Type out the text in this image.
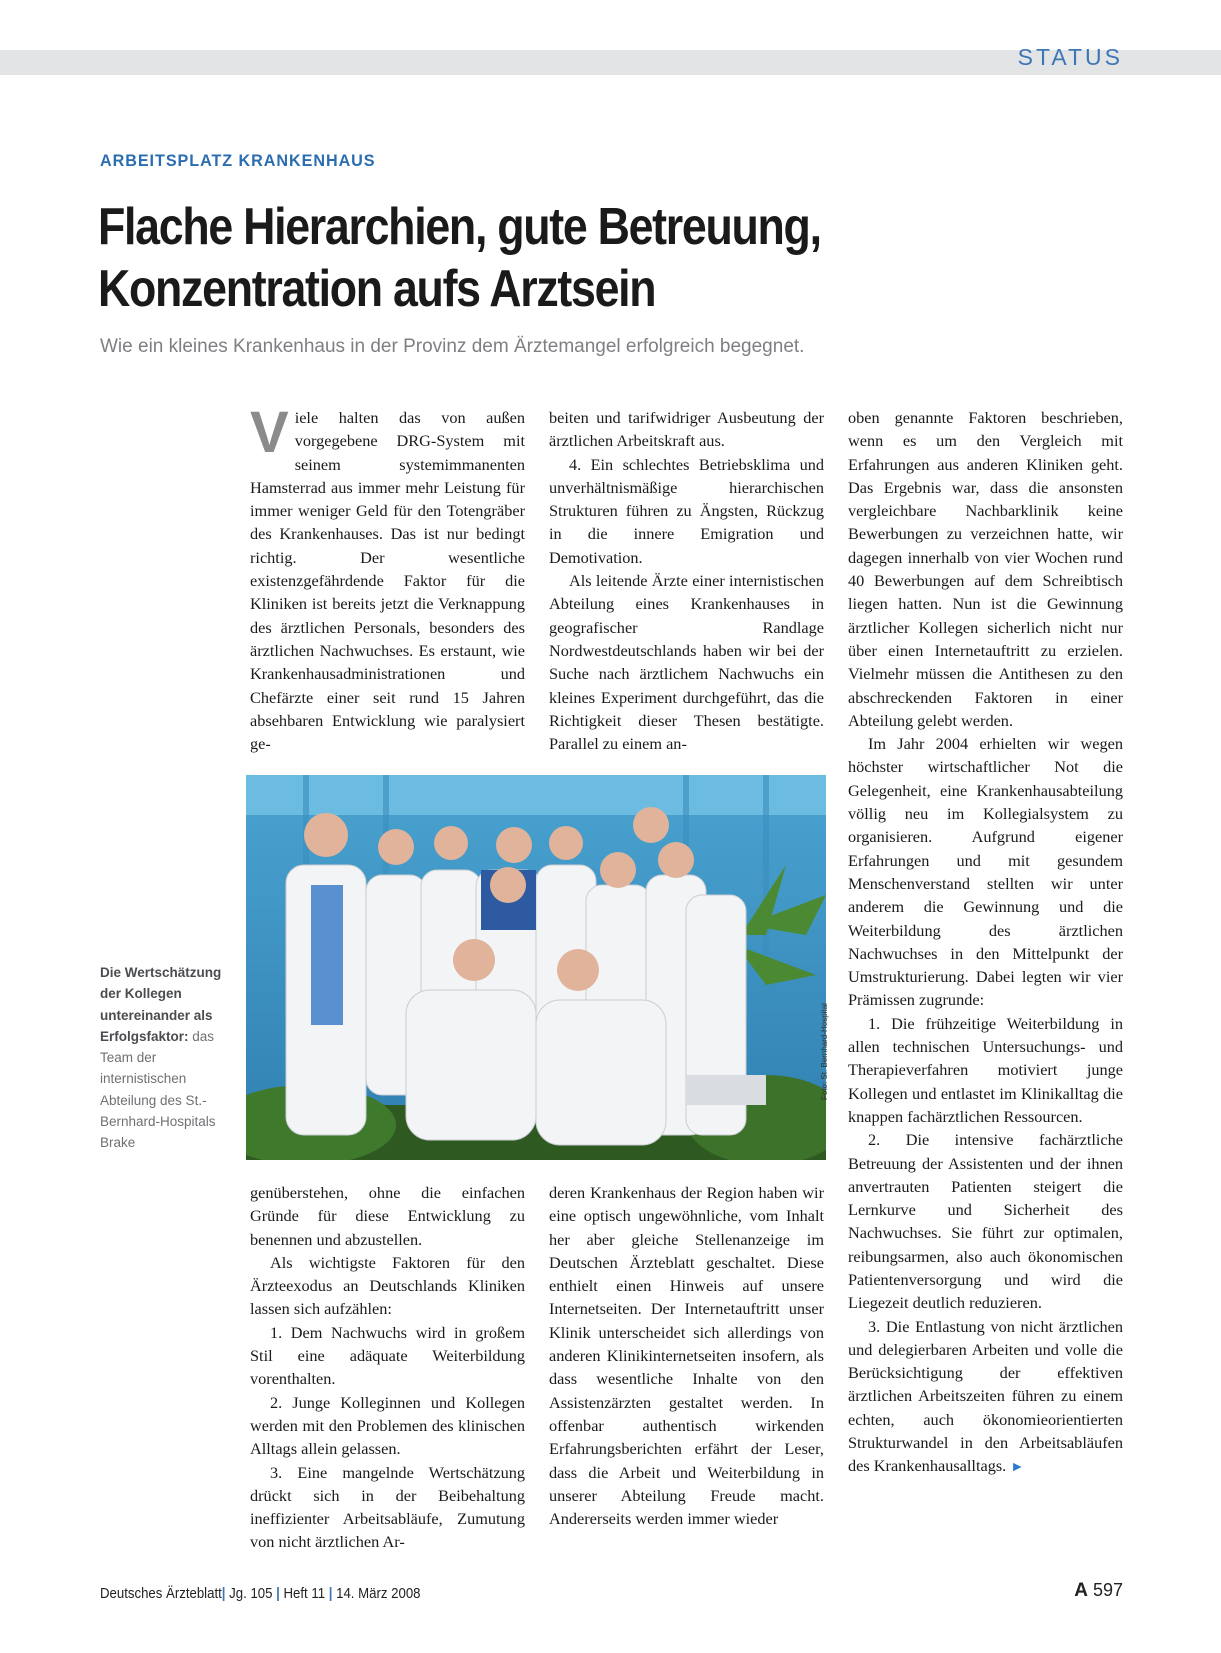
STATUS
ARBEITSPLATZ KRANKENHAUS
Flache Hierarchien, gute Betreuung,
Konzentration aufs Arztsein
Wie ein kleines Krankenhaus in der Provinz dem Ärztemangel erfolgreich begegnet.

Viele halten das von außen vorgegebene DRG-System mit seinem systemimmanenten Hamsterrad aus immer mehr Leistung für immer weniger Geld für den Totengräber des Krankenhauses. Das ist nur bedingt richtig. Der wesentliche existenzgefährdende Faktor für die Kliniken ist bereits jetzt die Verknappung des ärztlichen Personals, besonders des ärztlichen Nachwuchses. Es erstaunt, wie Krankenhausadministrationen und Chefärzte einer seit rund 15 Jahren absehbaren Entwicklung wie paralysiert ge-

beiten und tarifwidriger Ausbeutung der ärztlichen Arbeitskraft aus.

4. Ein schlechtes Betriebsklima und unverhältnismäßige hierarchischen Strukturen führen zu Ängsten, Rückzug in die innere Emigration und Demotivation.

Als leitende Ärzte einer internistischen Abteilung eines Krankenhauses in geografischer Randlage Nordwestdeutschlands haben wir bei der Suche nach ärztlichem Nachwuchs ein kleines Experiment durchgeführt, das die Richtigkeit dieser Thesen bestätigte. Parallel zu einem an-

oben genannte Faktoren beschrieben, wenn es um den Vergleich mit Erfahrungen aus anderen Kliniken geht. Das Ergebnis war, dass die ansonsten vergleichbare Nachbarklinik keine Bewerbungen zu verzeichnen hatte, wir dagegen innerhalb von vier Wochen rund 40 Bewerbungen auf dem Schreibtisch liegen hatten. Nun ist die Gewinnung ärztlicher Kollegen sicherlich nicht nur über einen Internetauftritt zu erzielen. Vielmehr müssen die Antithesen zu den abschreckenden Faktoren in einer Abteilung gelebt werden.

Im Jahr 2004 erhielten wir wegen höchster wirtschaftlicher Not die Gelegenheit, eine Krankenhausabteilung völlig neu im Kollegialsystem zu organisieren. Aufgrund eigener Erfahrungen und mit gesundem Menschenverstand stellten wir unter anderem die Gewinnung und die Weiterbildung des ärztlichen Nachwuchses in den Mittelpunkt der Umstrukturierung. Dabei legten wir vier Prämissen zugrunde:

1. Die frühzeitige Weiterbildung in allen technischen Untersuchungs- und Therapieverfahren motiviert junge Kollegen und entlastet im Klinikalltag die knappen fachärztlichen Ressourcen.

2. Die intensive fachärztliche Betreuung der Assistenten und der ihnen anvertrauten Patienten steigert die Lernkurve und Sicherheit des Nachwuchses. Sie führt zur optimalen, reibungsarmen, also auch ökonomischen Patientenversorgung und wird die Liegezeit deutlich reduzieren.

3. Die Entlastung von nicht ärztlichen und delegierbaren Arbeiten und volle die Berücksichtigung der effektiven ärztlichen Arbeitszeiten führen zu einem echten, auch ökonomieorientierten Strukturwandel in den Arbeitsabläufen des Krankenhausalltags. ►

Foto: St. Bernhard-Hospital
Die Wertschätzung der Kollegen untereinander als Erfolgsfaktor: das Team der internistischen Abteilung des St.-Bernhard-Hospitals Brake

genüberstehen, ohne die einfachen Gründe für diese Entwicklung zu benennen und abzustellen.

Als wichtigste Faktoren für den Ärzteexodus an Deutschlands Kliniken lassen sich aufzählen:

1. Dem Nachwuchs wird in großem Stil eine adäquate Weiterbildung vorenthalten.

2. Junge Kolleginnen und Kollegen werden mit den Problemen des klinischen Alltags allein gelassen.

3. Eine mangelnde Wertschätzung drückt sich in der Beibehaltung ineffizienter Arbeitsabläufe, Zumutung von nicht ärztlichen Ar-

deren Krankenhaus der Region haben wir eine optisch ungewöhnliche, vom Inhalt her aber gleiche Stellenanzeige im Deutschen Ärzteblatt geschaltet. Diese enthielt einen Hinweis auf unsere Internetseiten. Der Internetauftritt unser Klinik unterscheidet sich allerdings von anderen Klinikinternetseiten insofern, als dass wesentliche Inhalte von den Assistenzärzten gestaltet werden. In offenbar authentisch wirkenden Erfahrungsberichten erfährt der Leser, dass die Arbeit und Weiterbildung in unserer Abteilung Freude macht. Andererseits werden immer wieder

Deutsches Ärzteblatt| Jg. 105 | Heft 11 | 14. März 2008	A 597
